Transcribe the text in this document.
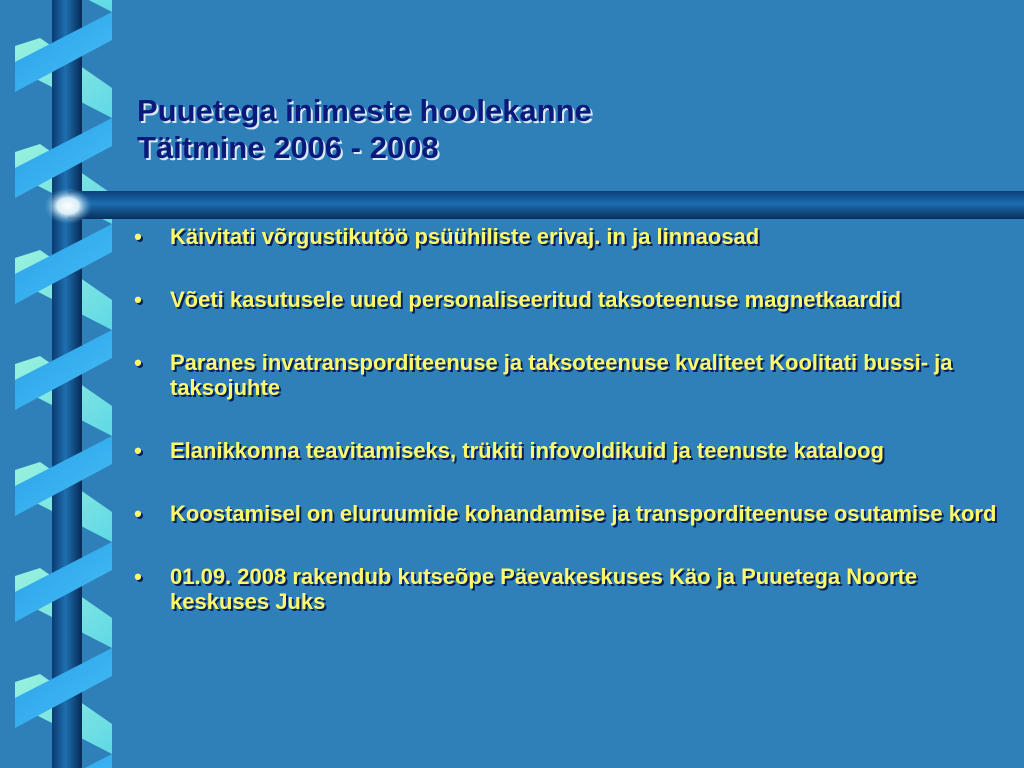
Puuetega inimeste hoolekanne

Täitmine 2006 - 2008

• Käivitati võrgustikutöö psüühiliste erivaj. in ja linnaosad
• Võeti kasutusele uued personaliseeritud taksoteenuse magnetkaardid
• Paranes invatransporditeenuse ja taksoteenuse kvaliteet Koolitati bussi- ja taksojuhte
• Elanikkonna teavitamiseks, trükiti infovoldikuid ja teenuste kataloog
• Koostamisel on eluruumide kohandamise ja transporditeenuse osutamise kord
• 01.09. 2008 rakendub kutseõpe Päevakeskuses Käo ja Puuetega Noorte keskuses Juks
